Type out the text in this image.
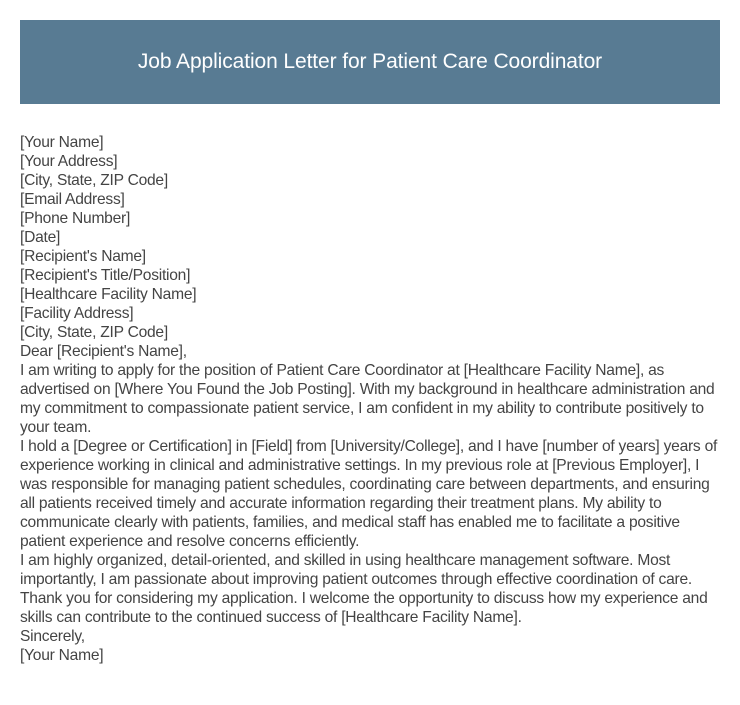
Job Application Letter for Patient Care Coordinator
[Your Name]
[Your Address]
[City, State, ZIP Code]
[Email Address]
[Phone Number]
[Date]
[Recipient's Name]
[Recipient's Title/Position]
[Healthcare Facility Name]
[Facility Address]
[City, State, ZIP Code]
Dear [Recipient's Name],
I am writing to apply for the position of Patient Care Coordinator at [Healthcare Facility Name], as advertised on [Where You Found the Job Posting]. With my background in healthcare administration and my commitment to compassionate patient service, I am confident in my ability to contribute positively to your team.
I hold a [Degree or Certification] in [Field] from [University/College], and I have [number of years] years of experience working in clinical and administrative settings. In my previous role at [Previous Employer], I was responsible for managing patient schedules, coordinating care between departments, and ensuring all patients received timely and accurate information regarding their treatment plans. My ability to communicate clearly with patients, families, and medical staff has enabled me to facilitate a positive patient experience and resolve concerns efficiently.
I am highly organized, detail-oriented, and skilled in using healthcare management software. Most importantly, I am passionate about improving patient outcomes through effective coordination of care.
Thank you for considering my application. I welcome the opportunity to discuss how my experience and skills can contribute to the continued success of [Healthcare Facility Name].
Sincerely,
[Your Name]
